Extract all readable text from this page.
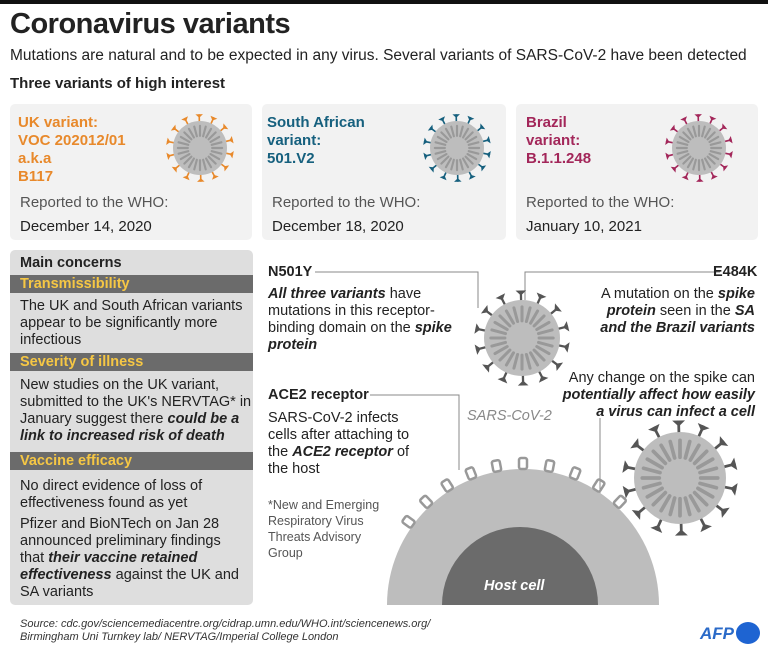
Coronavirus variants
Mutations are natural and to be expected in any virus. Several variants of SARS-CoV-2 have been detected
Three variants of high interest
UK variant:
VOC 202012/01
a.k.a
B117
Reported to the WHO:
December 14, 2020
South African
variant:
501.V2
Reported to the WHO:
December 18, 2020
Brazil
variant:
B.1.1.248
Reported to the WHO:
January 10, 2021
Main concerns
Transmissibility
The UK and South African variants appear to be significantly more infectious
Severity of illness
New studies on the UK variant, submitted to the UK's NERVTAG* in January suggest there could be a link to increased risk of death
Vaccine efficacy
No direct evidence of loss of effectiveness found as yet
Pfizer and BioNTech on Jan 28 announced preliminary findings that their vaccine retained effectiveness against the UK and SA variants
N501Y
All three variants have mutations in this receptor-binding domain on the spike protein
E484K
A mutation on the spike protein seen in the SA and the Brazil variants
SARS-CoV-2
Any change on the spike can potentially affect how easily a virus can infect a cell
ACE2 receptor
SARS-CoV-2 infects cells after attaching to the ACE2 receptor of the host
*New and Emerging Respiratory Virus Threats Advisory Group
Host cell
Source: cdc.gov/sciencemediacentre.org/cidrap.umn.edu/WHO.int/sciencenews.org/
Birmingham Uni Turnkey lab/ NERVTAG/Imperial College London	AFP
